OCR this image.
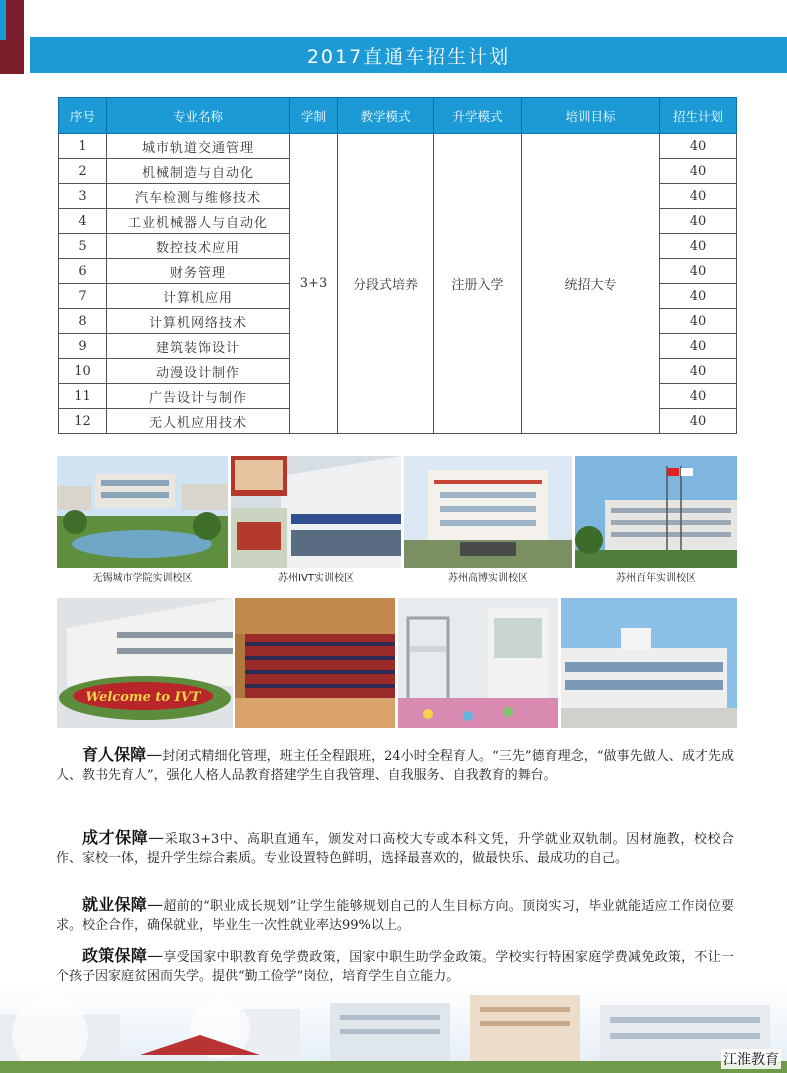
2017直通车招生计划
序号	专业名称	学制	教学模式	升学模式	培训目标	招生计划
1	城市轨道交通管理	3+3	分段式培养	注册入学	统招大专	40
2	机械制造与自动化					40
3	汽车检测与维修技术					40
4	工业机械器人与自动化					40
5	数控技术应用					40
6	财务管理					40
7	计算机应用					40
8	计算机网络技术					40
9	建筑装饰设计					40
10	动漫设计制作					40
11	广告设计与制作					40
12	无人机应用技术					40
无锡城市学院实训校区	苏州IVT实训校区	苏州高博实训校区	苏州百年实训校区
Welcome to IVT
育人保障—封闭式精细化管理，班主任全程跟班，24小时全程育人。“三先”德育理念，“做事先做人、成才先成人、教书先育人”，强化人格人品教育搭建学生自我管理、自我服务、自我教育的舞台。
成才保障—采取3+3中、高职直通车，颁发对口高校大专或本科文凭，升学就业双轨制。因材施教，校校合作、家校一体，提升学生综合素质。专业设置特色鲜明，选择最喜欢的，做最快乐、最成功的自己。
就业保障—超前的“职业成长规划”让学生能够规划自己的人生目标方向。顶岗实习，毕业就能适应工作岗位要求。校企合作，确保就业，毕业生一次性就业率达99%以上。
政策保障—享受国家中职教育免学费政策，国家中职生助学金政策。学校实行特困家庭学费减免政策，不让一个孩子因家庭贫困而失学。提供“勤工俭学”岗位，培育学生自立能力。
江淮教育
